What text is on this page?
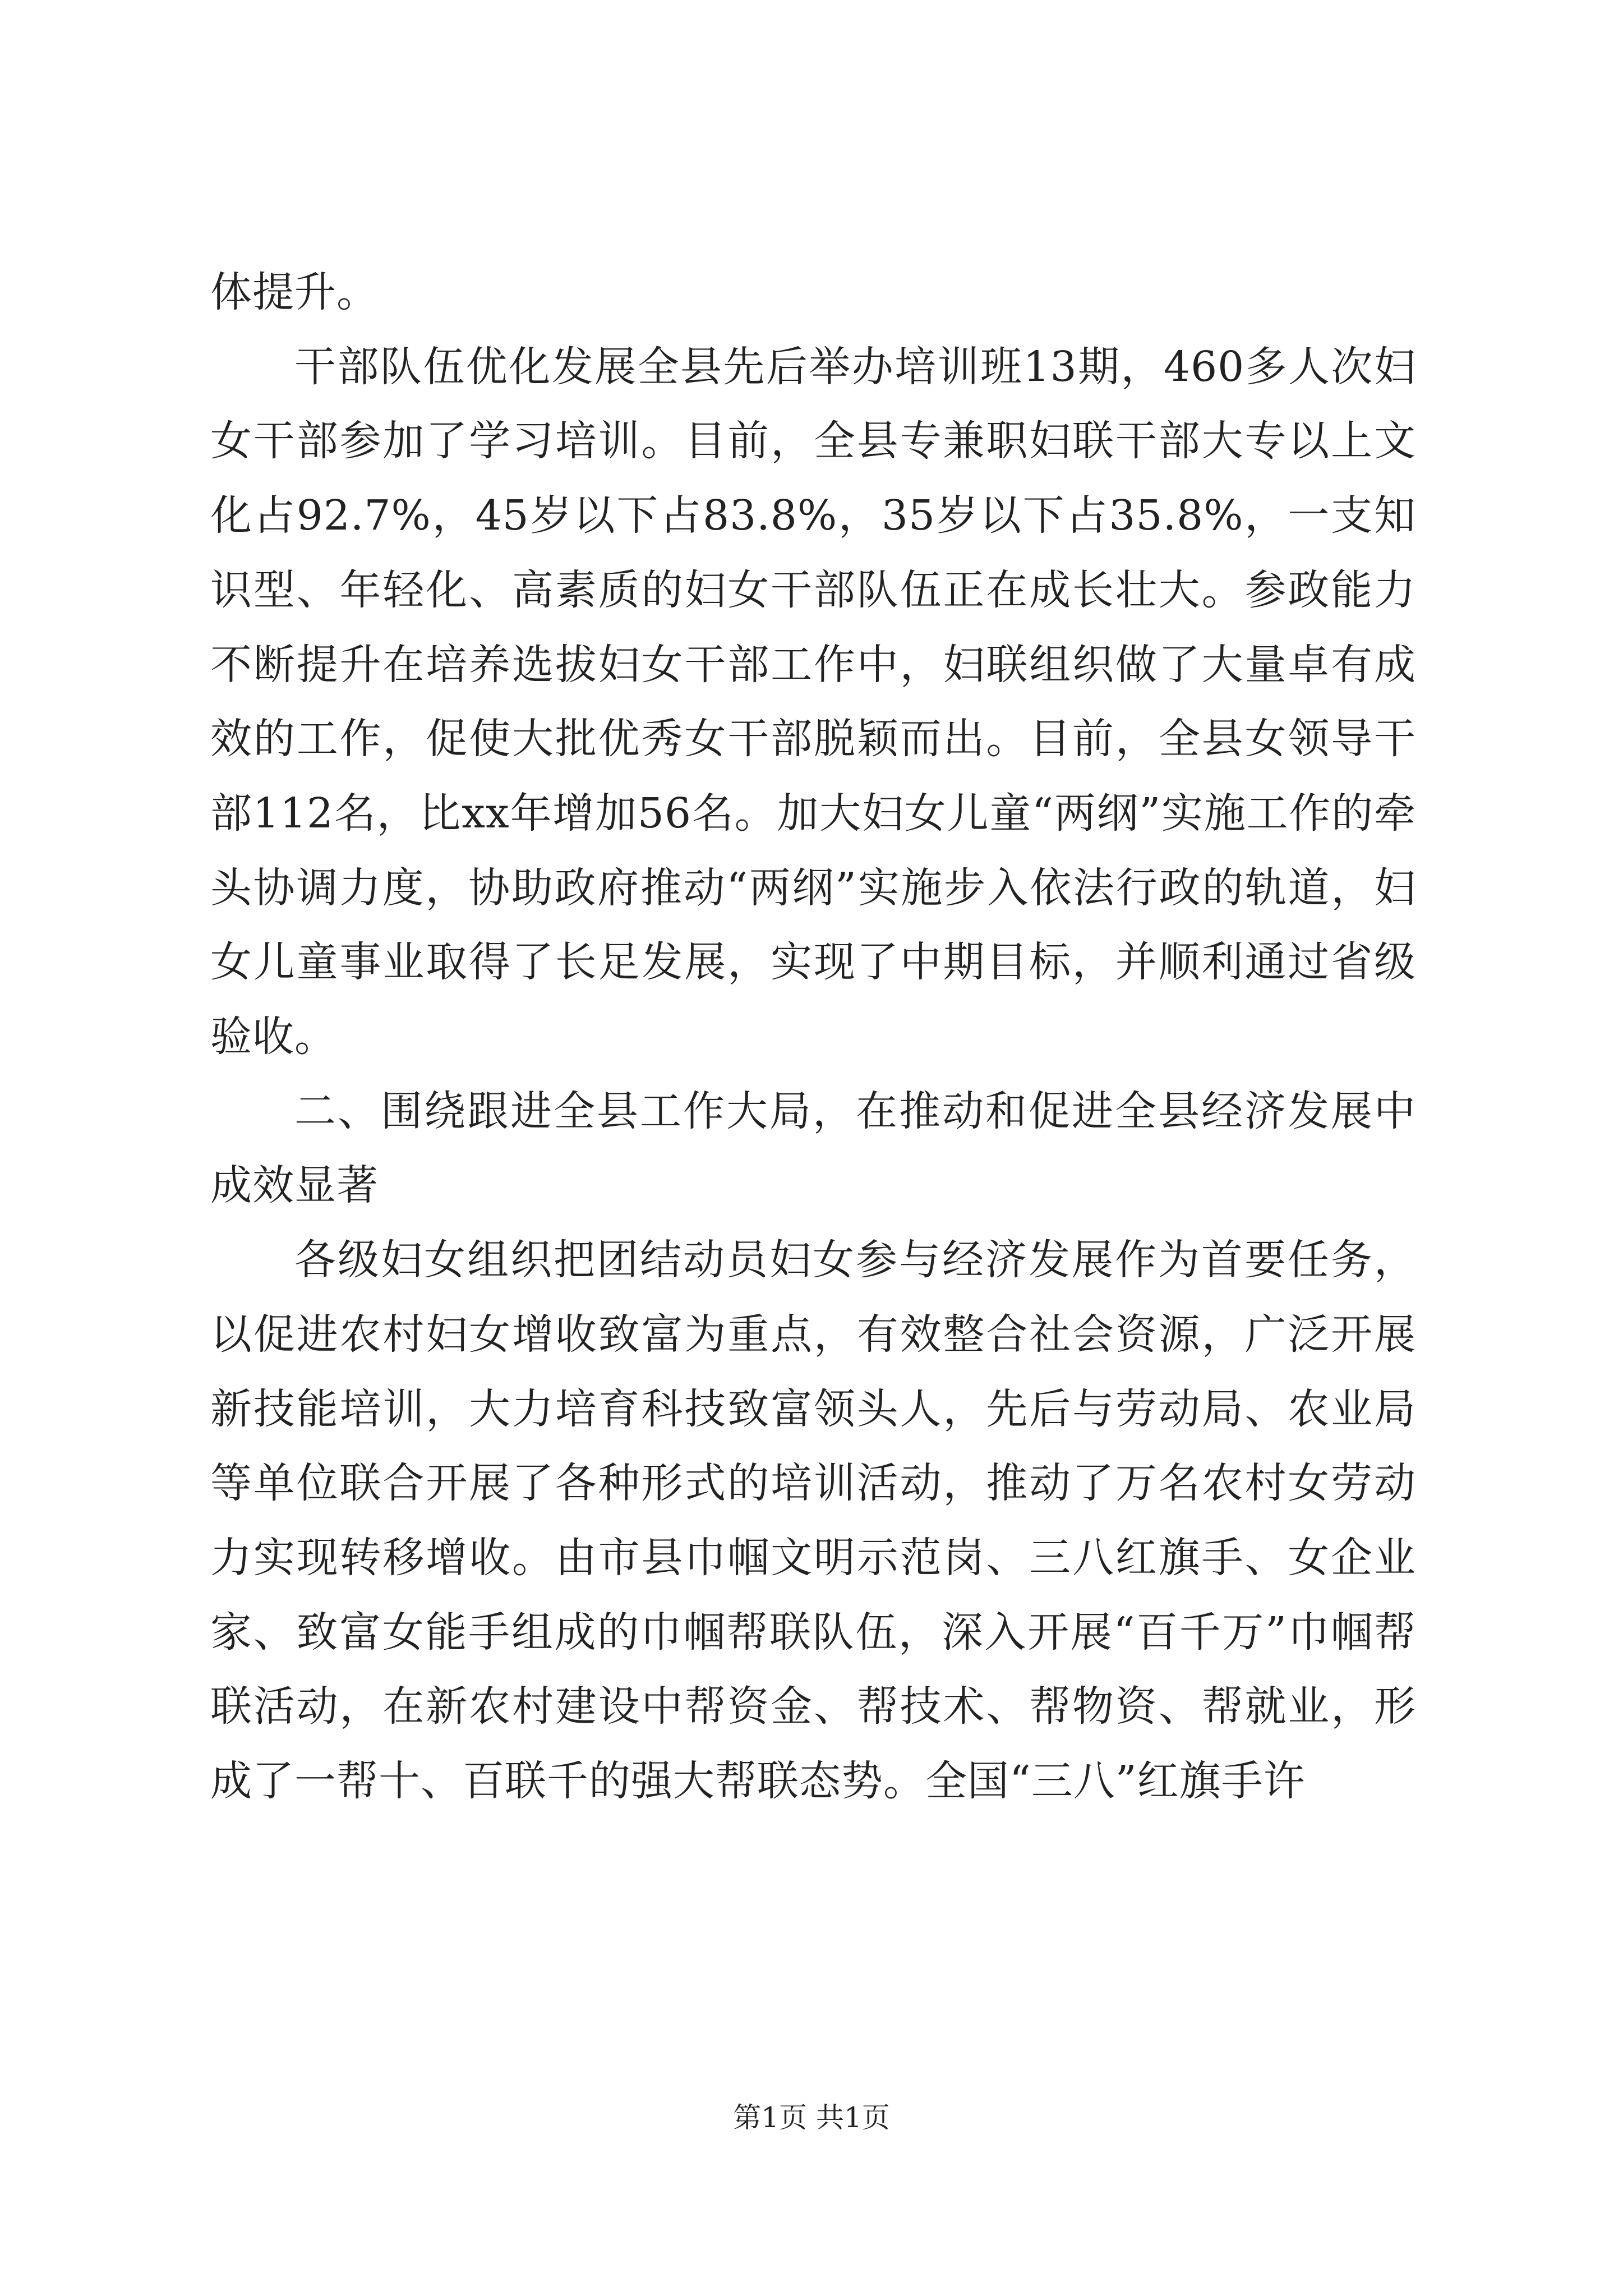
体提升。

干部队伍优化发展全县先后举办培训班13期，460多人次妇女干部参加了学习培训。目前，全县专兼职妇联干部大专以上文化占92.7%，45岁以下占83.8%，35岁以下占35.8%，一支知识型、年轻化、高素质的妇女干部队伍正在成长壮大。参政能力不断提升在培养选拔妇女干部工作中，妇联组织做了大量卓有成效的工作，促使大批优秀女干部脱颖而出。目前，全县女领导干部112名，比xx年增加56名。加大妇女儿童“两纲”实施工作的牵头协调力度，协助政府推动“两纲”实施步入依法行政的轨道，妇女儿童事业取得了长足发展，实现了中期目标，并顺利通过省级验收。

二、围绕跟进全县工作大局，在推动和促进全县经济发展中成效显著

各级妇女组织把团结动员妇女参与经济发展作为首要任务，以促进农村妇女增收致富为重点，有效整合社会资源，广泛开展新技能培训，大力培育科技致富领头人，先后与劳动局、农业局等单位联合开展了各种形式的培训活动，推动了万名农村女劳动力实现转移增收。由市县巾帼文明示范岗、三八红旗手、女企业家、致富女能手组成的巾帼帮联队伍，深入开展“百千万”巾帼帮联活动，在新农村建设中帮资金、帮技术、帮物资、帮就业，形成了一帮十、百联千的强大帮联态势。全国“三八”红旗手许

第1页 共1页
